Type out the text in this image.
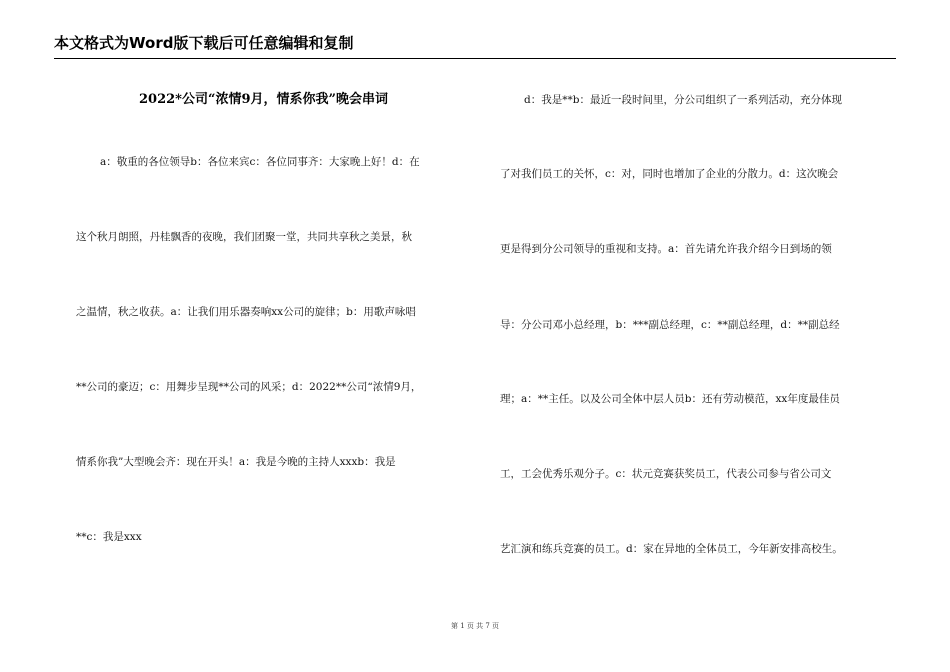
本文格式为Word版下载后可任意编辑和复制
2022*公司“浓情9月，情系你我”晚会串词

a：敬重的各位领导b：各位来宾c：各位同事齐：大家晚上好！d：在

这个秋月朗照，丹桂飘香的夜晚，我们团聚一堂，共同共享秋之美景，秋

之温情，秋之收获。a：让我们用乐器奏响xx公司的旋律；b：用歌声咏唱

**公司的豪迈；c：用舞步呈现**公司的风采；d：2022**公司“浓情9月，

情系你我”大型晚会齐：现在开头！a：我是今晚的主持人xxxb：我是

**c：我是xxx

d：我是**b：最近一段时间里，分公司组织了一系列活动，充分体现

了对我们员工的关怀，c：对，同时也增加了企业的分散力。d：这次晚会

更是得到分公司领导的重视和支持。a：首先请允许我介绍今日到场的领

导：分公司邓小总经理，b：***副总经理，c：**副总经理，d：**副总经

理；a：**主任。以及公司全体中层人员b：还有劳动模范，xx年度最佳员

工，工会优秀乐观分子。c：状元竞赛获奖员工，代表公司参与省公司文

艺汇演和练兵竞赛的员工。d：家在异地的全体员工，今年新安排高校生。

第 1 页 共 7 页
